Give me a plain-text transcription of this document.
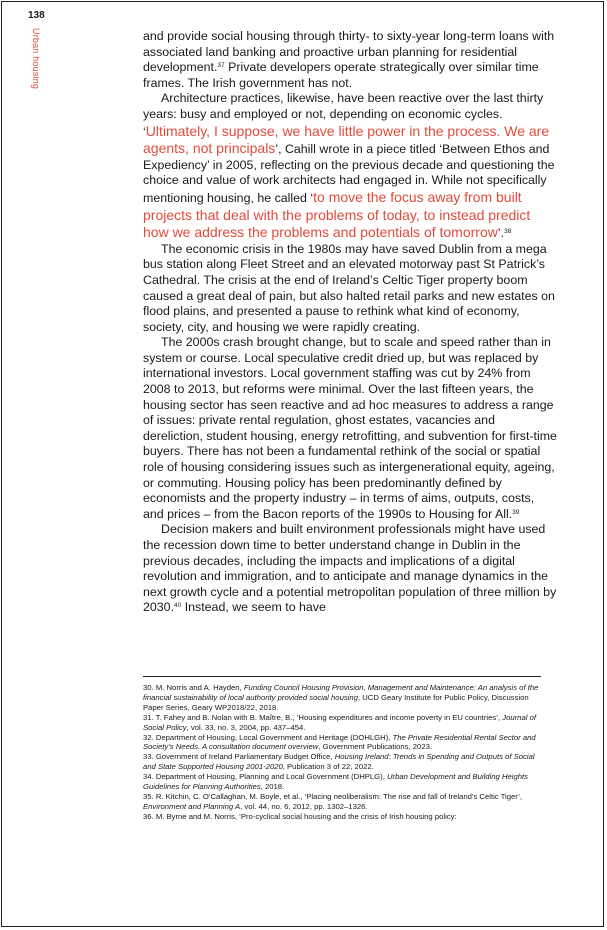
138
Urban housing	and provide social housing through thirty- to sixty-year long-term loans with associated land banking and proactive urban planning for residential development.$^{37}$ Private developers operate strategically over similar time frames. The Irish government has not.

Architecture practices, likewise, have been reactive over the last thirty years: busy and employed or not, depending on economic cycles. ‘Ultimately, I suppose, we have little power in the process. We are agents, not principals’, Cahill wrote in a piece titled ‘Between Ethos and Expediency’ in 2005, reflecting on the previous decade and questioning the choice and value of work architects had engaged in. While not specifically mentioning housing, he called ‘to move the focus away from built projects that deal with the problems of today, to instead predict how we address the problems and potentials of tomorrow’.$^{38}$

The economic crisis in the 1980s may have saved Dublin from a mega bus station along Fleet Street and an elevated motorway past St Patrick’s Cathedral. The crisis at the end of Ireland’s Celtic Tiger property boom caused a great deal of pain, but also halted retail parks and new estates on flood plains, and presented a pause to rethink what kind of economy, society, city, and housing we were rapidly creating.

The 2000s crash brought change, but to scale and speed rather than in system or course. Local speculative credit dried up, but was replaced by international investors. Local government staffing was cut by 24% from 2008 to 2013, but reforms were minimal. Over the last fifteen years, the housing sector has seen reactive and ad hoc measures to address a range of issues: private rental regulation, ghost estates, vacancies and dereliction, student housing, energy retrofitting, and subvention for first-time buyers. There has not been a fundamental rethink of the social or spatial role of housing considering issues such as intergenerational equity, ageing, or commuting. Housing policy has been predominantly defined by economists and the property industry – in terms of aims, outputs, costs, and prices – from the Bacon reports of the 1990s to Housing for All.$^{39}$

Decision makers and built environment professionals might have used the recession down time to better understand change in Dublin in the previous decades, including the impacts and implications of a digital revolution and immigration, and to anticipate and manage dynamics in the next growth cycle and a potential metropolitan population of three million by 2030.40 Instead, we seem to have

30. M. Norris and A. Hayden, Funding Council Housing Provision, Management and Maintenance: An analysis of the financial sustainability of local authority provided social housing, UCD Geary Institute for Public Policy, Discussion Paper Series, Geary WP2018/22, 2018.

31. T. Fahey and B. Nolan with B. Maître, B., ‘Housing expenditures and income poverty in EU countries’, Journal of Social Policy, vol. 33, no. 3, 2004, pp. 437–454.

32. Department of Housing, Local Government and Heritage (DOHLGH), The Private Residential Rental Sector and Society’s Needs. A consultation document overview, Government Publications, 2023.

33. Government of Ireland Parliamentary Budget Office, Housing Ireland: Trends in Spending and Outputs of Social and State Supported Housing 2001-2020, Publication 3 of 22, 2022.

34. Department of Housing, Planning and Local Government (DHPLG), Urban Development and Building Heights Guidelines for Planning Authorities, 2018.

35. R. Kitchin, C. O’Callaghan, M. Boyle, et al., ‘Placing neoliberalism: The rise and fall of Ireland’s Celtic Tiger’, Environment and Planning A, vol. 44, no. 6, 2012, pp. 1302–1326.

36. M. Byrne and M. Norris, ‘Pro-cyclical social housing and the crisis of Irish housing policy:
